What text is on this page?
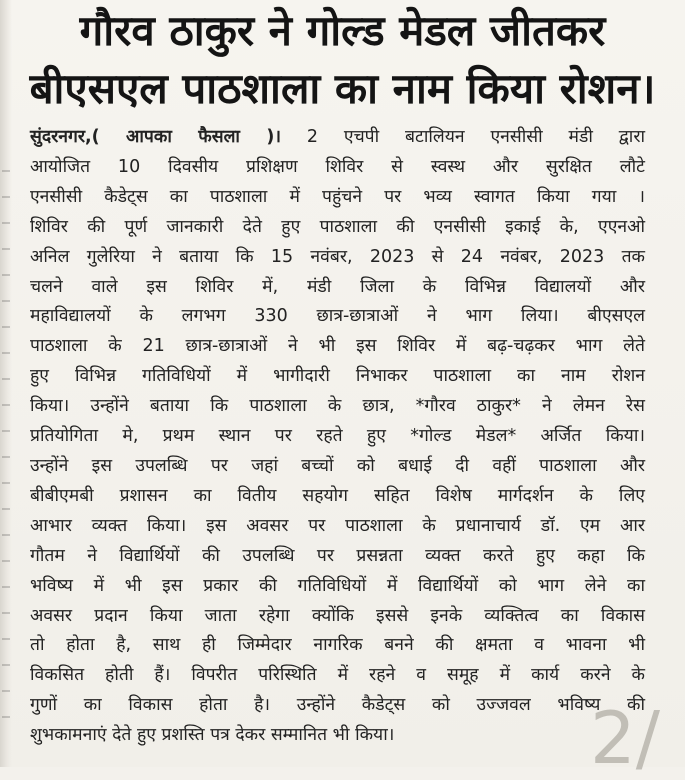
गौरव ठाकुर ने गोल्ड मेडल जीतकर
बीएसएल पाठशाला का नाम किया रोशन।
सुंदरनगर,( आपका फैसला )। 2 एचपी बटालियन एनसीसी मंडी द्वारा
आयोजित 10 दिवसीय प्रशिक्षण शिविर से स्वस्थ और सुरक्षित लौटे
एनसीसी कैडेट्स का पाठशाला में पहुंचने पर भव्य स्वागत किया गया ।
शिविर की पूर्ण जानकारी देते हुए पाठशाला की एनसीसी इकाई के, एएनओ
अनिल गुलेरिया ने बताया कि 15 नवंबर, 2023 से 24 नवंबर, 2023 तक
चलने वाले इस शिविर में, मंडी जिला के विभिन्न विद्यालयों और
महाविद्यालयों के लगभग 330 छात्र-छात्राओं ने भाग लिया। बीएसएल
पाठशाला के 21 छात्र-छात्राओं ने भी इस शिविर में बढ़-चढ़कर भाग लेते
हुए विभिन्न गतिविधियों में भागीदारी निभाकर पाठशाला का नाम रोशन
किया। उन्होंने बताया कि पाठशाला के छात्र, *गौरव ठाकुर* ने लेमन रेस
प्रतियोगिता मे, प्रथम स्थान पर रहते हुए *गोल्ड मेडल* अर्जित किया।
उन्होंने इस उपलब्धि पर जहां बच्चों को बधाई दी वहीं पाठशाला और
बीबीएमबी प्रशासन का वितीय सहयोग सहित विशेष मार्गदर्शन के लिए
आभार व्यक्त किया। इस अवसर पर पाठशाला के प्रधानाचार्य डॉ. एम आर
गौतम ने विद्यार्थियों की उपलब्धि पर प्रसन्नता व्यक्त करते हुए कहा कि
भविष्य में भी इस प्रकार की गतिविधियों में विद्यार्थियों को भाग लेने का
अवसर प्रदान किया जाता रहेगा क्योंकि इससे इनके व्यक्तित्व का विकास
तो होता है, साथ ही जिम्मेदार नागरिक बनने की क्षमता व भावना भी
विकसित होती हैं। विपरीत परिस्थिति में रहने व समूह में कार्य करने के
गुणों का विकास होता है। उन्होंने कैडेट्स को उज्जवल भविष्य की
शुभकामनाएं देते हुए प्रशस्ति पत्र देकर सम्मानित भी किया।	2/
